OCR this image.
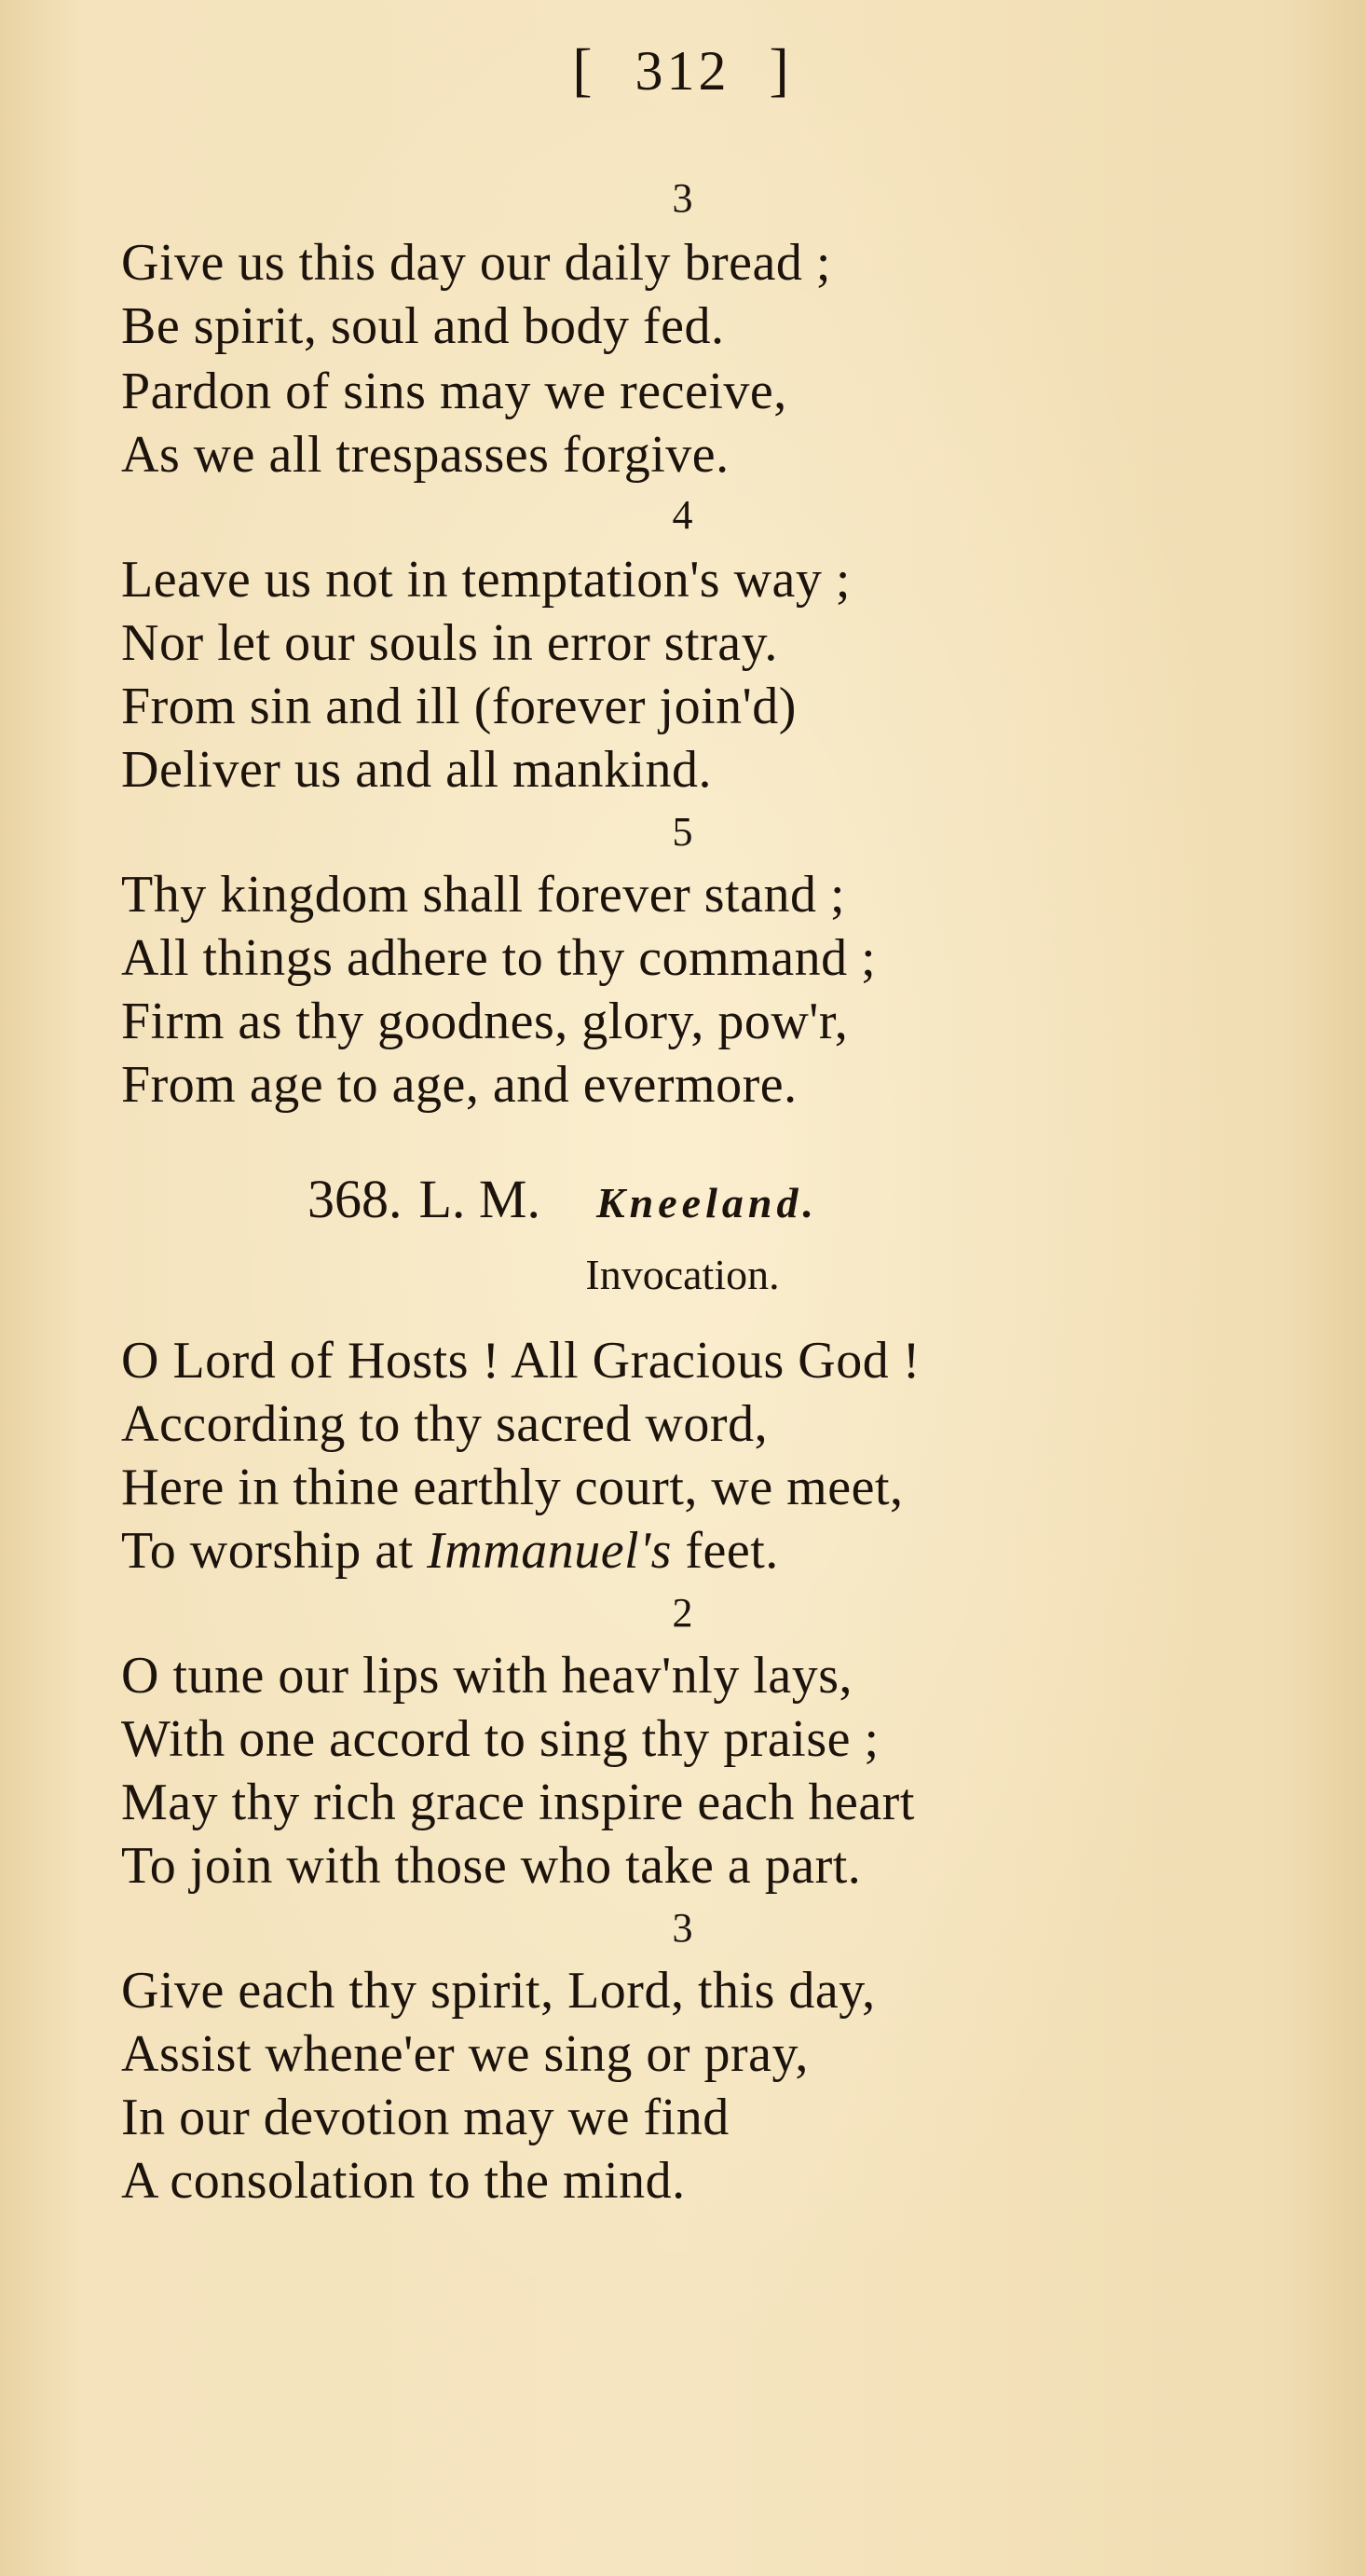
[ 312 ]
3
Give us this day our daily bread ;
Be spirit, soul and body fed.
Pardon of sins may we receive,
As we all trespasses forgive.
4
Leave us not in temptation's way ;
Nor let our souls in error stray.
From sin and ill (forever join'd)
Deliver us and all mankind.
5
Thy kingdom shall forever stand ;
All things adhere to thy command ;
Firm as thy goodnes, glory, pow'r,
From age to age, and evermore.
368. L. M. Kneeland.
Invocation.
O Lord of Hosts ! All Gracious God !
According to thy sacred word,
Here in thine earthly court, we meet,
To worship at Immanuel's feet.
2
O tune our lips with heav'nly lays,
With one accord to sing thy praise ;
May thy rich grace inspire each heart
To join with those who take a part.
3
Give each thy spirit, Lord, this day,
Assist whene'er we sing or pray,
In our devotion may we find
A consolation to the mind.
